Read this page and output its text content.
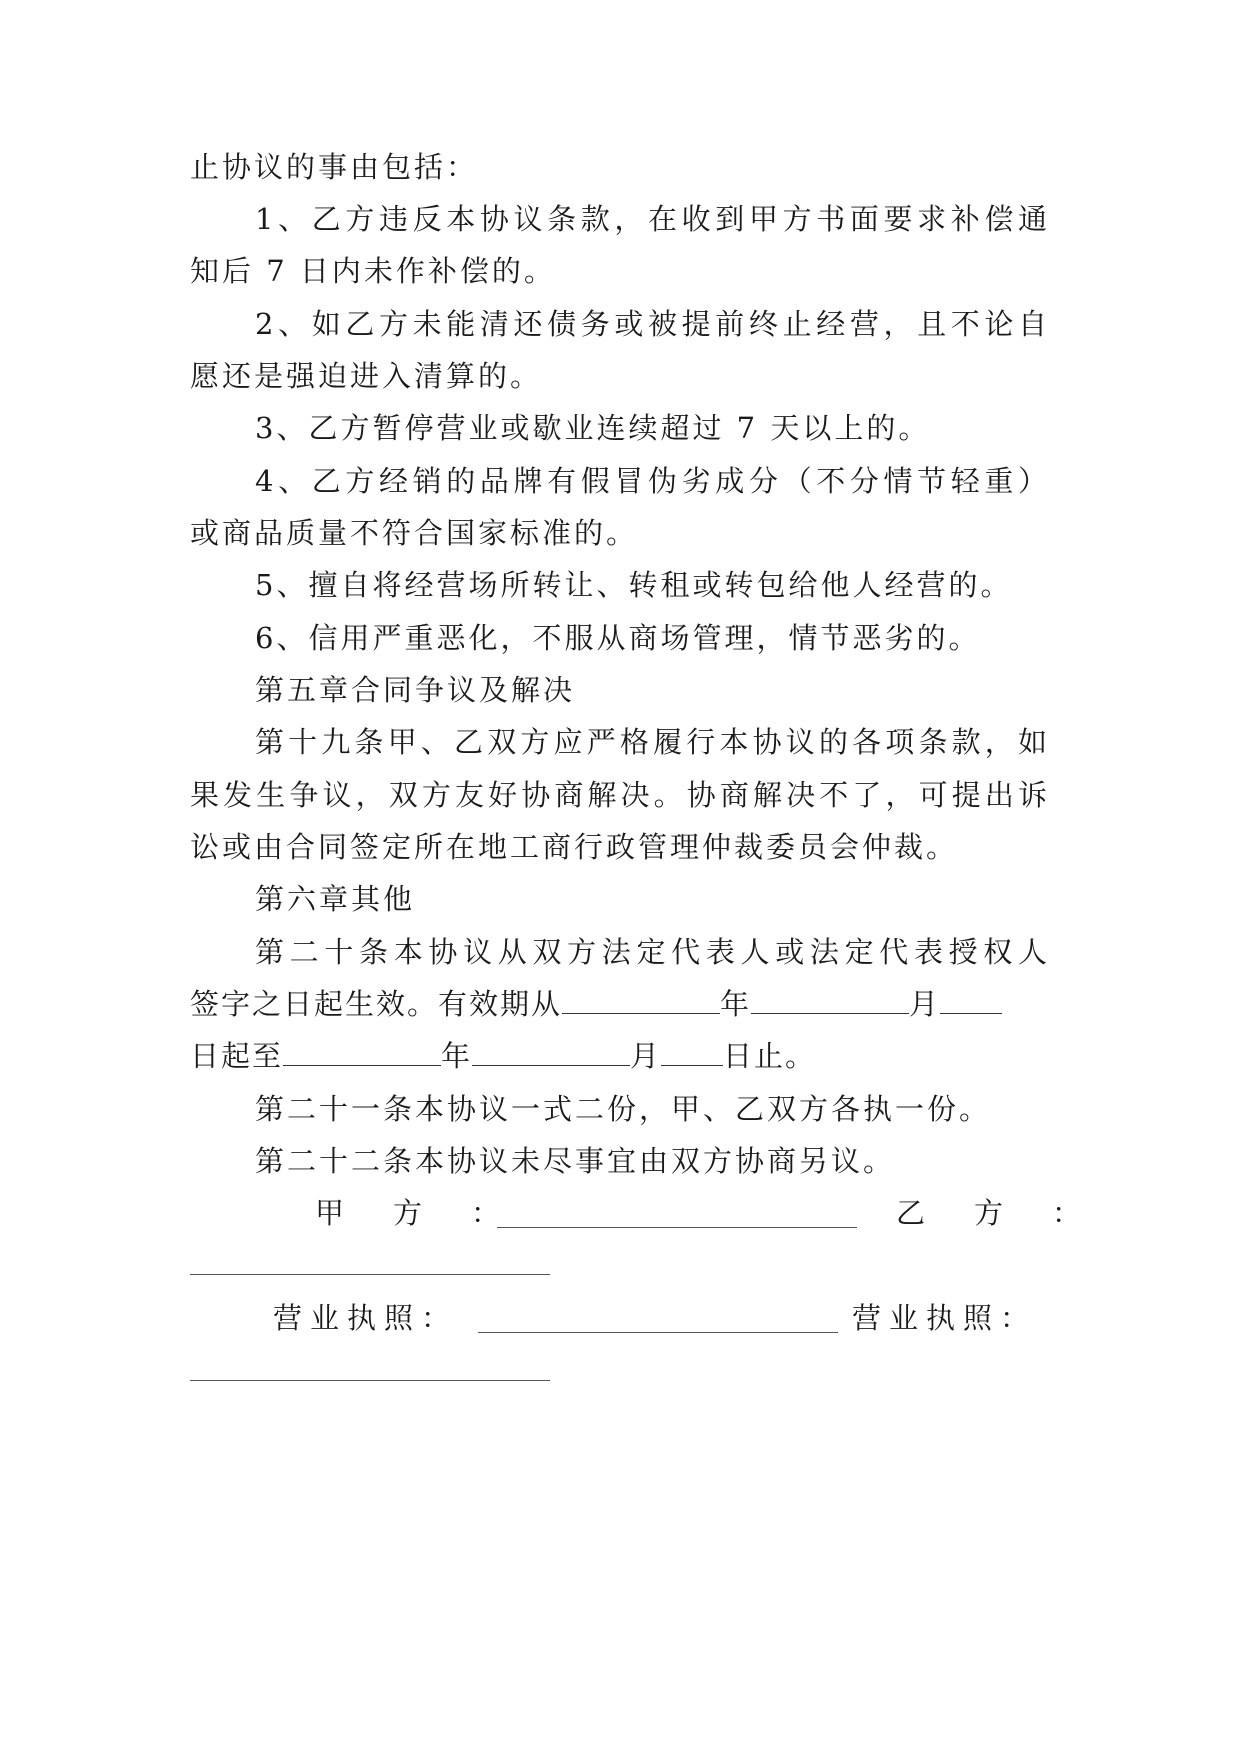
止协议的事由包括：
1、乙方违反本协议条款，在收到甲方书面要求补偿通
知后 7 日内未作补偿的。
2、如乙方未能清还债务或被提前终止经营，且不论自
愿还是强迫进入清算的。
3、乙方暂停营业或歇业连续超过 7 天以上的。
4、乙方经销的品牌有假冒伪劣成分（不分情节轻重）
或商品质量不符合国家标准的。
5、擅自将经营场所转让、转租或转包给他人经营的。
6、信用严重恶化，不服从商场管理，情节恶劣的。
第五章合同争议及解决
第十九条甲、乙双方应严格履行本协议的各项条款，如
果发生争议，双方友好协商解决。协商解决不了，可提出诉
讼或由合同签定所在地工商行政管理仲裁委员会仲裁。
第六章其他
第二十条本协议从双方法定代表人或法定代表授权人
签字之日起生效。有效期从	年	月
日起至	年	月 日止。
第二十一条本协议一式二份，甲、乙双方各执一份。
第二十二条本协议未尽事宜由双方协商另议。
甲　方　：	乙　方　：
营业执照：	营业执照：
